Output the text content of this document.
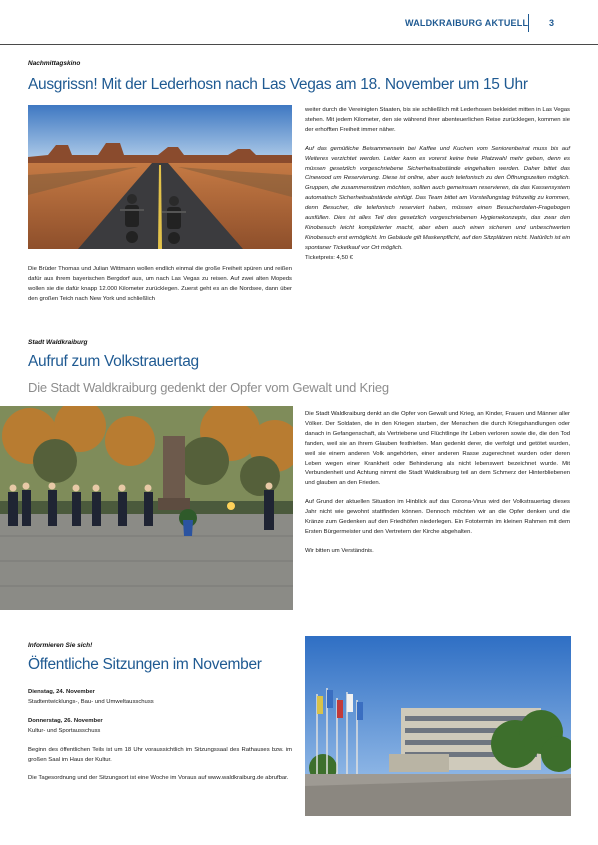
WALDKRAIBURG AKTUELL 3
Nachmittagskino
Ausgrissn! Mit der Lederhosn nach Las Vegas am 18. November um 15 Uhr
Die Brüder Thomas und Julian Wittmann wollen endlich einmal die große Freiheit spüren und reißen dafür aus ihrem bayerischen Bergdorf aus, um nach Las Vegas zu reisen. Auf zwei alten Mopeds wollen sie die dafür knapp 12.000 Kilometer zurücklegen. Zuerst geht es an die Nordsee, dann über den großen Teich nach New York und schließlich

weiter durch die Vereinigten Staaten, bis sie schließlich mit Lederhosen bekleidet mitten in Las Vegas stehen. Mit jedem Kilometer, den sie während ihrer abenteuerlichen Reise zurücklegen, kommen sie der erhofften Freiheit immer näher.

Auf das gemütliche Beisammensein bei Kaffee und Kuchen vom Seniorenbeirat muss bis auf Weiteres verzichtet werden. Leider kann es vorerst keine freie Platzwahl mehr geben, denn es müssen gesetzlich vorgeschriebene Sicherheitsabstände eingehalten werden. Daher bittet das Cinewood um Reservierung. Diese ist online, aber auch telefonisch zu den Öffnungszeiten möglich. Gruppen, die zusammensitzen möchten, sollten auch gemeinsam reservieren, da das Kassensystem automatisch Sicherheitsabstände einfügt. Das Team bittet am Vorstellungstag frühzeitig zu kommen, denn Besucher, die telefonisch reserviert haben, müssen einen Besucherdaten-Fragebogen ausfüllen. Dies ist alles Teil des gesetzlich vorgeschriebenen Hygienekonzepts, das zwar den Kinobesuch leicht komplizierter macht, aber eben auch einen sicheren und unbeschwerten Kinobesuch erst ermöglicht. Im Gebäude gilt Maskenpflicht, auf den Sitzplätzen nicht. Natürlich ist ein spontaner Ticketkauf vor Ort möglich.

Ticketpreis: 4,50 €

Stadt Waldkraiburg
Aufruf zum Volkstrauertag
Die Stadt Waldkraiburg gedenkt der Opfer vom Gewalt und Krieg

Die Stadt Waldkraiburg denkt an die Opfer von Gewalt und Krieg, an Kinder, Frauen und Männer aller Völker. Der Soldaten, die in den Kriegen starben, der Menschen die durch Kriegshandlungen oder danach in Gefangenschaft, als Vertriebene und Flüchtlinge ihr Leben verloren sowie die, die den Tod fanden, weil sie an ihrem Glauben festhielten. Man gedenkt derer, die verfolgt und getötet wurden, weil sie einem anderen Volk angehörten, einer anderen Rasse zugerechnet wurden oder deren Leben wegen einer Krankheit oder Behinderung als nicht lebenswert bezeichnet wurde. Mit Verbundenheit und Achtung nimmt die Stadt Waldkraiburg teil an dem Schmerz der Hinterbliebenen und glauben an den Frieden.

Auf Grund der aktuellen Situation im Hinblick auf das Corona-Virus wird der Volkstrauertag dieses Jahr nicht wie gewohnt stattfinden können. Dennoch möchten wir an die Opfer denken und die Kränze zum Gedenken auf den Friedhöfen niederlegen. Ein Fototermin im kleinen Rahmen mit dem Ersten Bürgermeister und den Vertretern der Kirche abgehalten.

Wir bitten um Verständnis.

Informieren Sie sich!
Öffentliche Sitzungen im November

Dienstag, 24. November

Stadtentwicklungs-, Bau- und Umweltausschuss

Donnerstag, 26. November

Kultur- und Sportausschuss

Beginn des öffentlichen Teils ist um 18 Uhr voraussichtlich im Sitzungssaal des Rathauses bzw. im großen Saal im Haus der Kultur.

Die Tagesordnung und der Sitzungsort ist eine Woche im Voraus auf www.waldkraiburg.de abrufbar.
